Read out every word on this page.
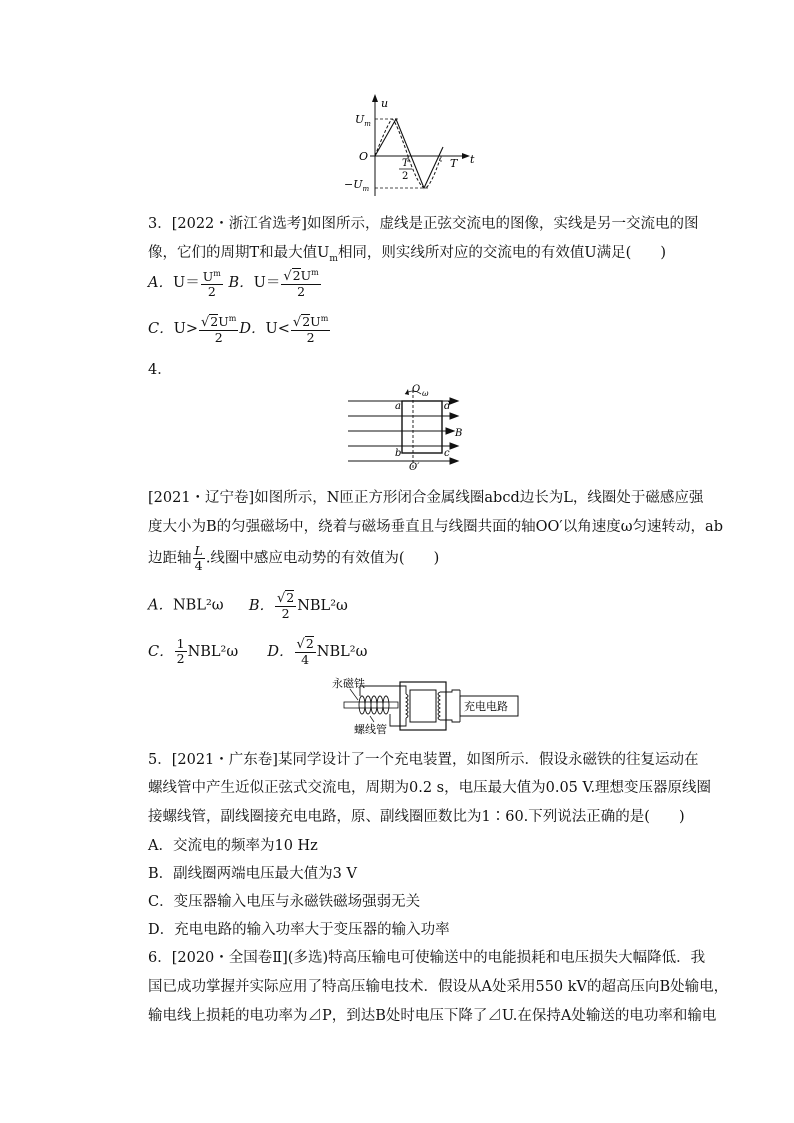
u
t
O
$U_m$
$-U_m$
T
2
T
3．[2022・浙江省选考]如图所示，虚线是正弦交流电的图像，实线是另一交流电的图
像，它们的周期T和最大值$U_m$相同，则实线所对应的交流电的有效值U满足(　　)
A．$U= \frac{U^m}{2}$ B．$U= \frac{√2U^m}{2}$
C．$U> \frac{√2U^m}{2}$ D．$U< \frac{√2U^m}{2}$
4．
O ω
a	d
b	c
B
O′
[2021・辽宁卷]如图所示，N匝正方形闭合金属线圈abcd边长为L，线圈处于磁感应强
度大小为B的匀强磁场中，绕着与磁场垂直且与线圈共面的轴OO′以角速度ω匀速转动，ab
边距轴 $\frac{L}{4}$ .线圈中感应电动势的有效值为(　　)
A．NBL²ω B． $\frac{√2}{2} NBL^2\omega$
C． $\frac{1}{2} NBL^2\omega$ D． $\frac{√2}{4} NBL^2\omega$
永磁铁
螺线管
充电电路
5．[2021・广东卷]某同学设计了一个充电装置，如图所示．假设永磁铁的往复运动在
螺线管中产生近似正弦式交流电，周期为0.2 s，电压最大值为0.05 V.理想变压器原线圈
接螺线管，副线圈接充电电路，原、副线圈匝数比为1∶60.下列说法正确的是(　　)
A．交流电的频率为10 Hz
B．副线圈两端电压最大值为3 V
C．变压器输入电压与永磁铁磁场强弱无关
D．充电电路的输入功率大于变压器的输入功率
6．[2020・全国卷Ⅱ](多选)特高压输电可使输送中的电能损耗和电压损失大幅降低．我
国已成功掌握并实际应用了特高压输电技术．假设从A处采用550 kV的超高压向B处输电，
输电线上损耗的电功率为⊿P，到达B处时电压下降了⊿U.在保持A处输送的电功率和输电
